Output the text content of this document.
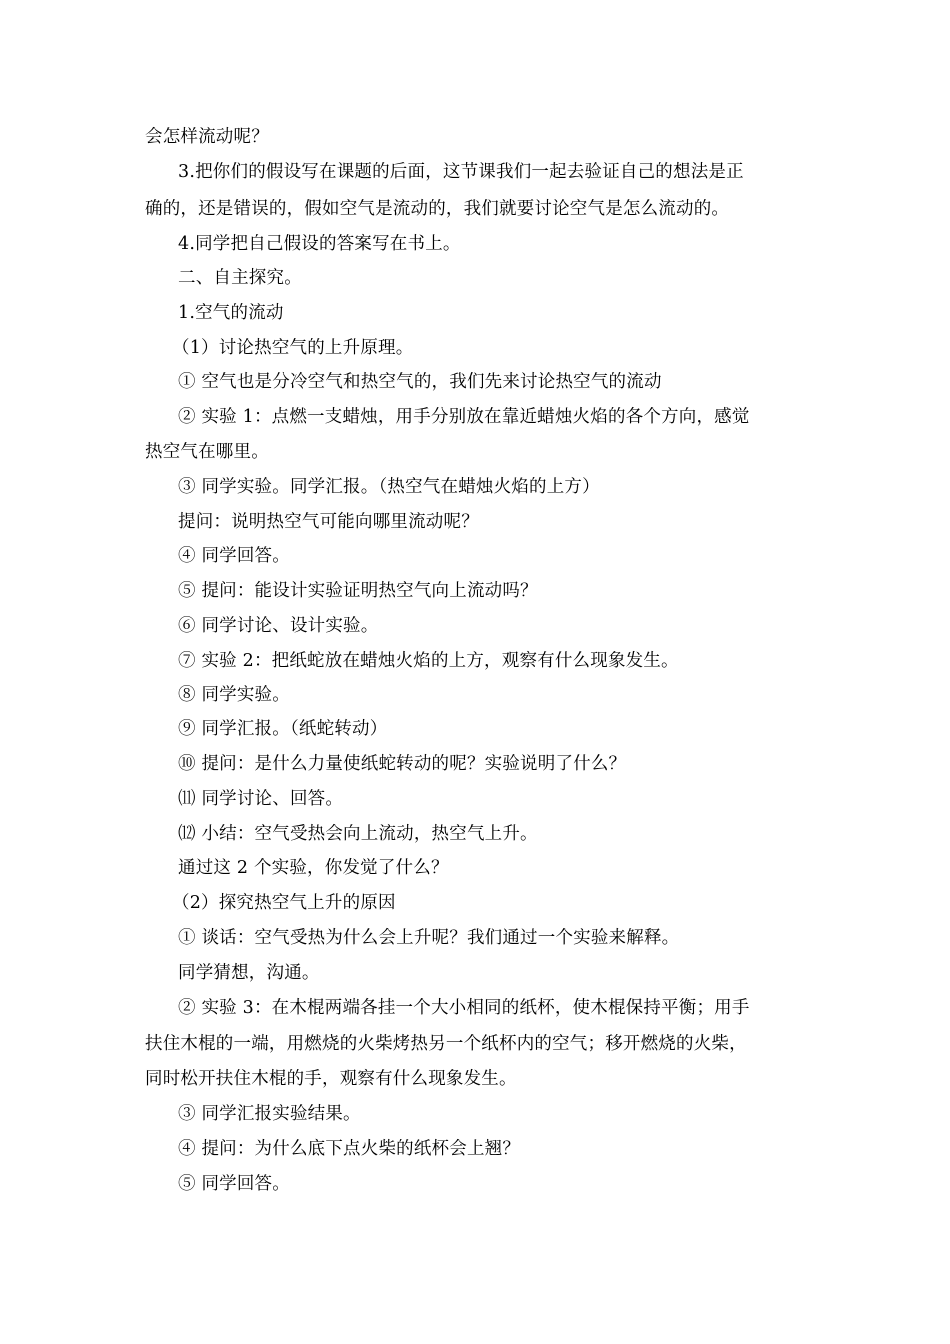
会怎样流动呢？
3.把你们的假设写在课题的后面，这节课我们一起去验证自己的想法是正
确的，还是错误的，假如空气是流动的，我们就要讨论空气是怎么流动的。
4.同学把自己假设的答案写在书上。
二、自主探究。
1.空气的流动
（1）讨论热空气的上升原理。
① 空气也是分冷空气和热空气的，我们先来讨论热空气的流动
② 实验 1：点燃一支蜡烛，用手分别放在靠近蜡烛火焰的各个方向，感觉
热空气在哪里。
③ 同学实验。同学汇报。（热空气在蜡烛火焰的上方）
提问：说明热空气可能向哪里流动呢？
④ 同学回答。
⑤ 提问：能设计实验证明热空气向上流动吗？
⑥ 同学讨论、设计实验。
⑦ 实验 2：把纸蛇放在蜡烛火焰的上方，观察有什么现象发生。
⑧ 同学实验。
⑨ 同学汇报。（纸蛇转动）
⑩ 提问：是什么力量使纸蛇转动的呢？实验说明了什么？
⑾ 同学讨论、回答。
⑿ 小结：空气受热会向上流动，热空气上升。
通过这 2 个实验，你发觉了什么？
（2）探究热空气上升的原因
① 谈话：空气受热为什么会上升呢？我们通过一个实验来解释。
同学猜想，沟通。
② 实验 3：在木棍两端各挂一个大小相同的纸杯，使木棍保持平衡；用手
扶住木棍的一端，用燃烧的火柴烤热另一个纸杯内的空气；移开燃烧的火柴，
同时松开扶住木棍的手，观察有什么现象发生。
③ 同学汇报实验结果。
④ 提问：为什么底下点火柴的纸杯会上翘？
⑤ 同学回答。
